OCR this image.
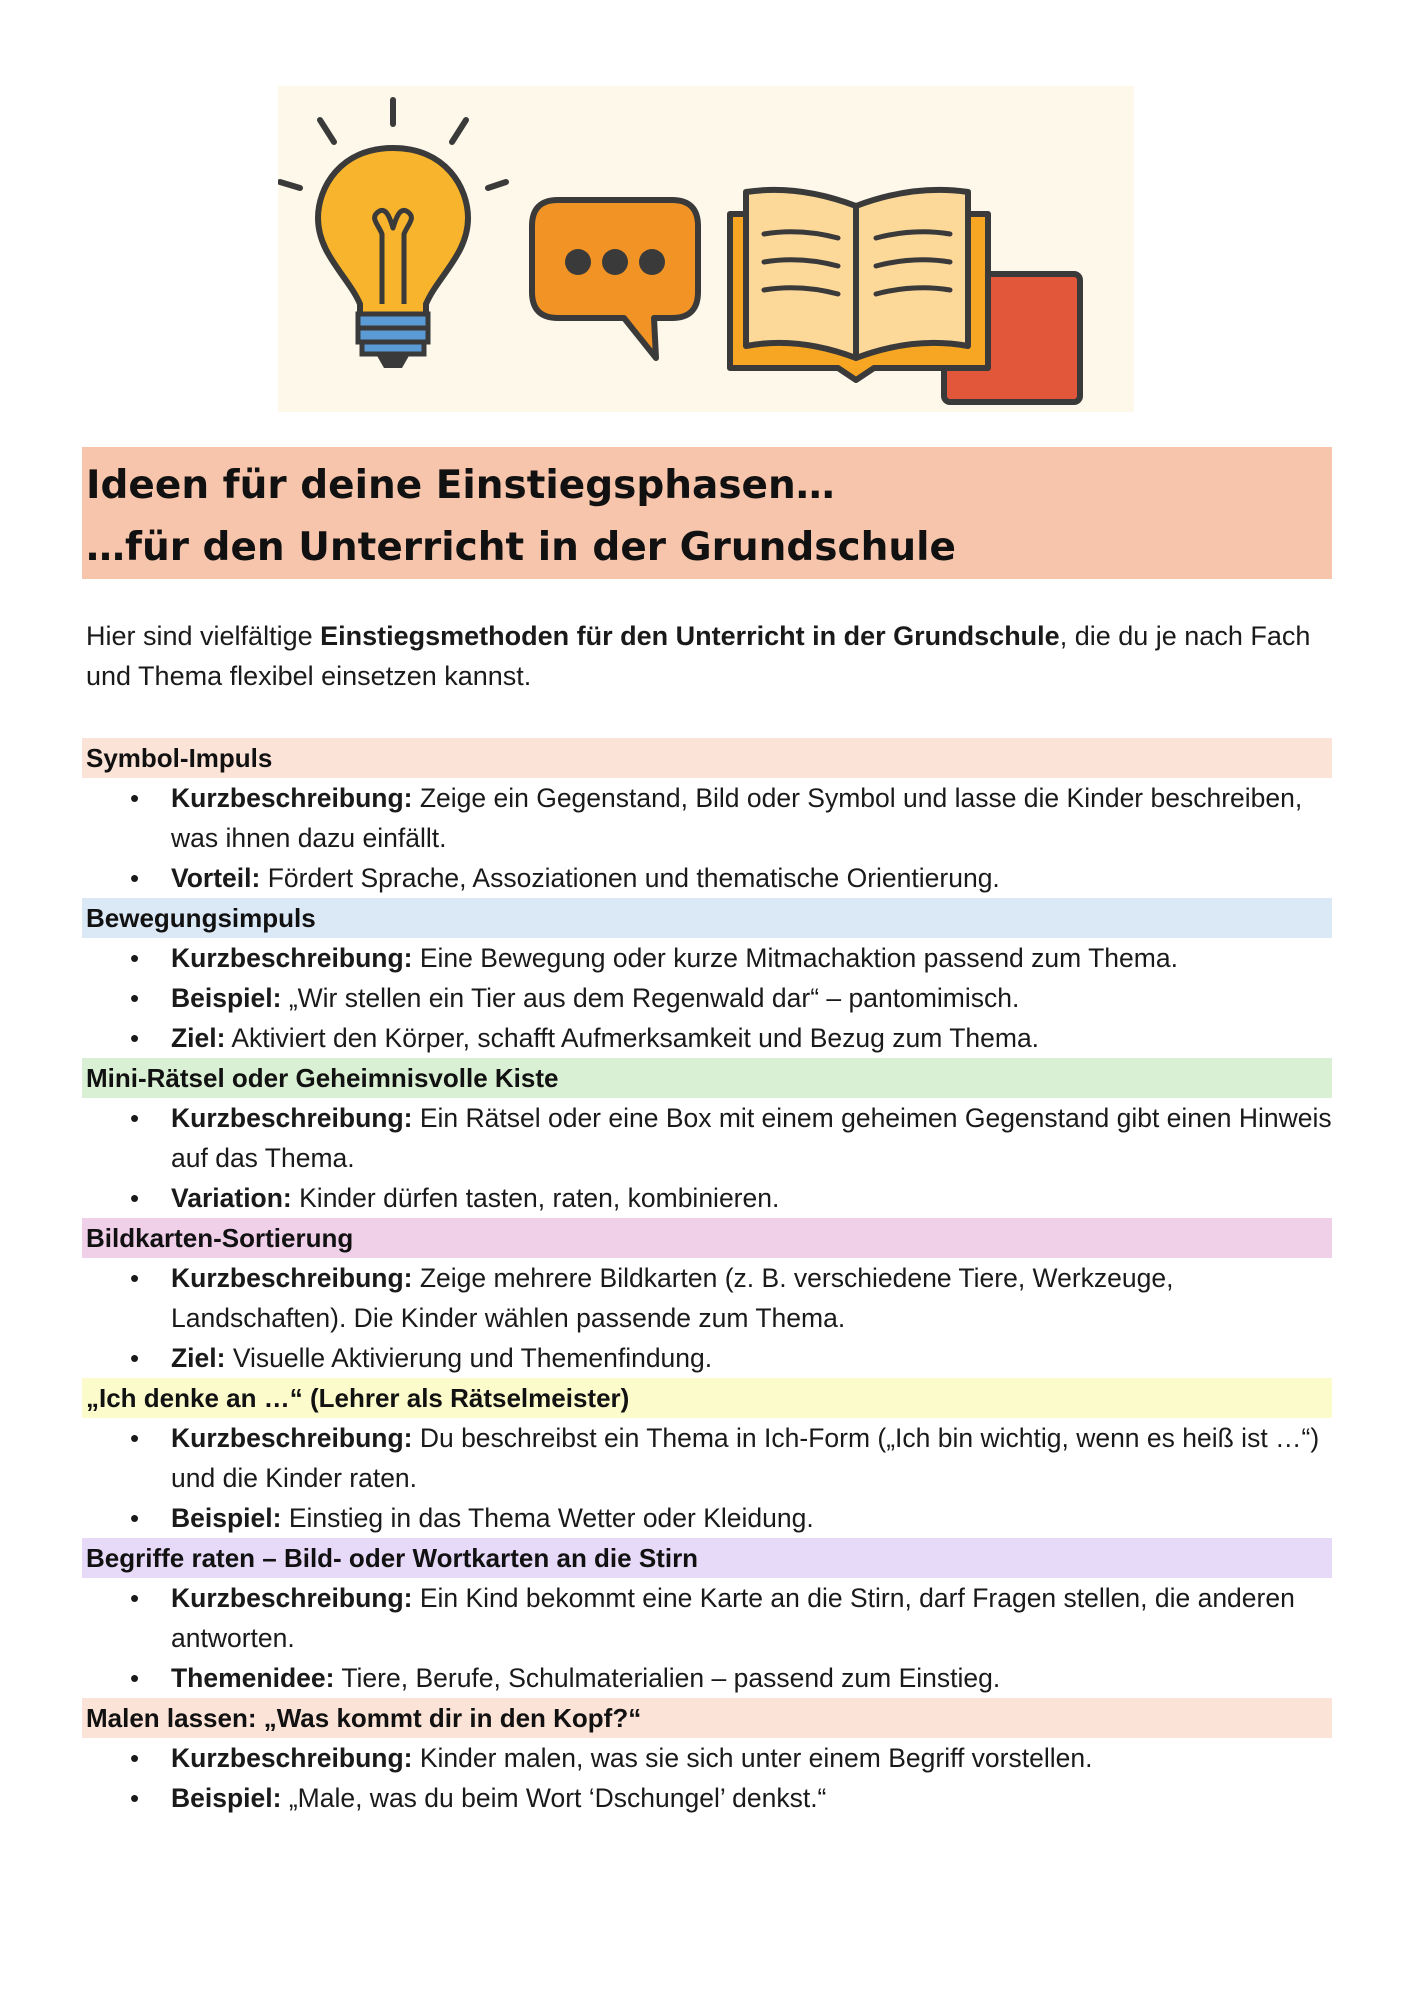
Ideen für deine Einstiegsphasen…
…für den Unterricht in der Grundschule
Hier sind vielfältige Einstiegsmethoden für den Unterricht in der Grundschule, die du je nach Fach und Thema flexibel einsetzen kannst.
Symbol-Impuls
• Kurzbeschreibung: Zeige ein Gegenstand, Bild oder Symbol und lasse die Kinder beschreiben, was ihnen dazu einfällt.
• Vorteil: Fördert Sprache, Assoziationen und thematische Orientierung.
Bewegungsimpuls
• Kurzbeschreibung: Eine Bewegung oder kurze Mitmachaktion passend zum Thema.
• Beispiel: „Wir stellen ein Tier aus dem Regenwald dar“ – pantomimisch.
• Ziel: Aktiviert den Körper, schafft Aufmerksamkeit und Bezug zum Thema.
Mini-Rätsel oder Geheimnisvolle Kiste
• Kurzbeschreibung: Ein Rätsel oder eine Box mit einem geheimen Gegenstand gibt einen Hinweis auf das Thema.
• Variation: Kinder dürfen tasten, raten, kombinieren.
Bildkarten-Sortierung
• Kurzbeschreibung: Zeige mehrere Bildkarten (z. B. verschiedene Tiere, Werkzeuge, Landschaften). Die Kinder wählen passende zum Thema.
• Ziel: Visuelle Aktivierung und Themenfindung.
„Ich denke an …“ (Lehrer als Rätselmeister)
• Kurzbeschreibung: Du beschreibst ein Thema in Ich-Form („Ich bin wichtig, wenn es heiß ist …“) und die Kinder raten.
• Beispiel: Einstieg in das Thema Wetter oder Kleidung.
Begriffe raten – Bild- oder Wortkarten an die Stirn
• Kurzbeschreibung: Ein Kind bekommt eine Karte an die Stirn, darf Fragen stellen, die anderen antworten.
• Themenidee: Tiere, Berufe, Schulmaterialien – passend zum Einstieg.
Malen lassen: „Was kommt dir in den Kopf?“
• Kurzbeschreibung: Kinder malen, was sie sich unter einem Begriff vorstellen.
• Beispiel: „Male, was du beim Wort ‘Dschungel’ denkst.“
